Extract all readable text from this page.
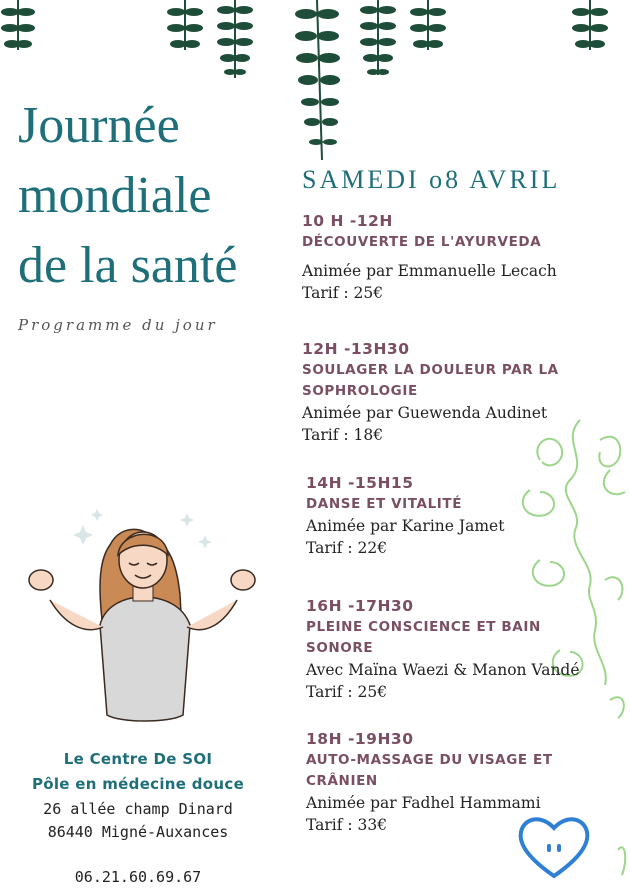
Journée
mondiale
de la santé
Programme du jour
SAMEDI o8 AVRIL
10 H -12H
DÉCOUVERTE DE L'AYURVEDA
Animée par Emmanuelle Lecach
Tarif : 25€
12H -13H30
SOULAGER LA DOULEUR PAR LA
SOPHROLOGIE
Animée par Guewenda Audinet
Tarif : 18€
14H -15H15
DANSE ET VITALITÉ
Animée par Karine Jamet
Tarif : 22€
16H -17H30
PLEINE CONSCIENCE ET BAIN
SONORE
Avec Maïna Waezi & Manon Vandé
Tarif : 25€
18H -19H30
AUTO-MASSAGE DU VISAGE ET
CRÂNIEN
Animée par Fadhel Hammami
Tarif : 33€
Le Centre De SOI
Pôle en médecine douce
26 allée champ Dinard
86440 Migné-Auxances
06.21.60.69.67
